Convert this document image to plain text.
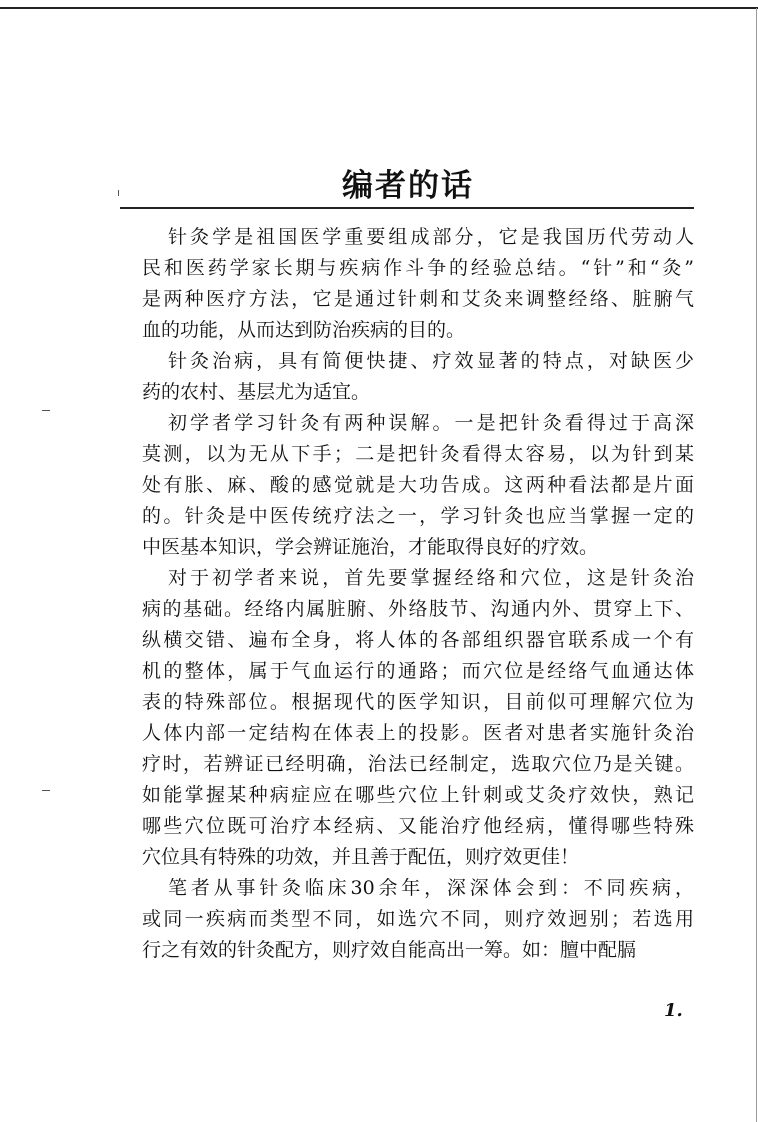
编者的话
针灸学是祖国医学重要组成部分，它是我国历代劳动人
民和医药学家长期与疾病作斗争的经验总结。“针”和“灸”
是两种医疗方法，它是通过针刺和艾灸来调整经络、脏腑气
血的功能，从而达到防治疾病的目的。
针灸治病，具有简便快捷、疗效显著的特点，对缺医少
药的农村、基层尤为适宜。
初学者学习针灸有两种误解。一是把针灸看得过于高深
莫测，以为无从下手；二是把针灸看得太容易，以为针到某
处有胀、麻、酸的感觉就是大功告成。这两种看法都是片面
的。针灸是中医传统疗法之一，学习针灸也应当掌握一定的
中医基本知识，学会辨证施治，才能取得良好的疗效。
对于初学者来说，首先要掌握经络和穴位，这是针灸治
病的基础。经络内属脏腑、外络肢节、沟通内外、贯穿上下、
纵横交错、遍布全身，将人体的各部组织器官联系成一个有
机的整体，属于气血运行的通路；而穴位是经络气血通达体
表的特殊部位。根据现代的医学知识，目前似可理解穴位为
人体内部一定结构在体表上的投影。医者对患者实施针灸治
疗时，若辨证已经明确，治法已经制定，选取穴位乃是关键。
如能掌握某种病症应在哪些穴位上针刺或艾灸疗效快，熟记
哪些穴位既可治疗本经病、又能治疗他经病，懂得哪些特殊
穴位具有特殊的功效，并且善于配伍，则疗效更佳！
笔者从事针灸临床30余年，深深体会到：不同疾病，
或同一疾病而类型不同，如选穴不同，则疗效迥别；若选用
行之有效的针灸配方，则疗效自能高出一筹。如：膻中配膈
1.
